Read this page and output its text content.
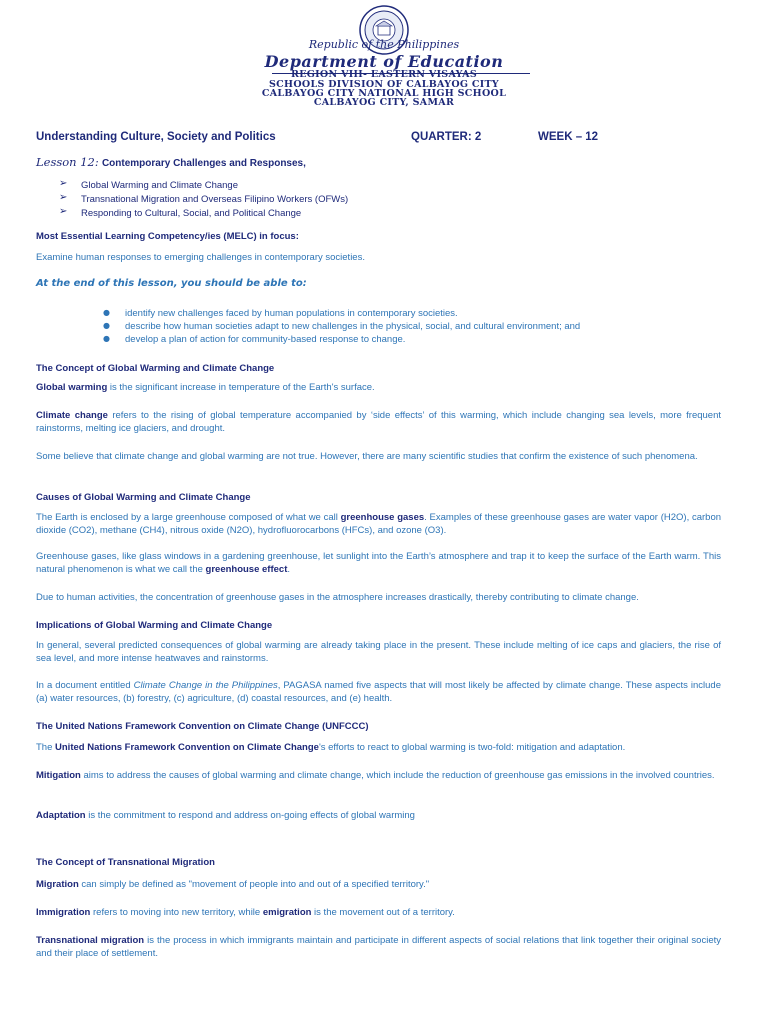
Republic of the Philippines
Department of Education
REGION VIII- EASTERN VISAYAS
SCHOOLS DIVISION OF CALBAYOG CITY
CALBAYOG CITY NATIONAL HIGH SCHOOL
CALBAYOG CITY, SAMAR
Understanding Culture, Society and Politics	QUARTER: 2	WEEK – 12
Lesson 12: Contemporary Challenges and Responses,
➢ Global Warming and Climate Change
➢ Transnational Migration and Overseas Filipino Workers (OFWs)
➢ Responding to Cultural, Social, and Political Change
Most Essential Learning Competency/ies (MELC) in focus:
Examine human responses to emerging challenges in contemporary societies.
At the end of this lesson, you should be able to:
● identify new challenges faced by human populations in contemporary societies.
● describe how human societies adapt to new challenges in the physical, social, and cultural environment; and
● develop a plan of action for community-based response to change.
The Concept of Global Warming and Climate Change
Global warming is the significant increase in temperature of the Earth's surface.
Climate change refers to the rising of global temperature accompanied by ‘side effects’ of this warming, which include changing sea levels, more frequent rainstorms, melting ice glaciers, and drought.
Some believe that climate change and global warming are not true. However, there are many scientific studies that confirm the existence of such phenomena.
Causes of Global Warming and Climate Change
The Earth is enclosed by a large greenhouse composed of what we call greenhouse gases. Examples of these greenhouse gases are water vapor (H2O), carbon dioxide (CO2), methane (CH4), nitrous oxide (N2O), hydrofluorocarbons (HFCs), and ozone (O3).
Greenhouse gases, like glass windows in a gardening greenhouse, let sunlight into the Earth’s atmosphere and trap it to keep the surface of the Earth warm. This natural phenomenon is what we call the greenhouse effect.
Due to human activities, the concentration of greenhouse gases in the atmosphere increases drastically, thereby contributing to climate change.
Implications of Global Warming and Climate Change
In general, several predicted consequences of global warming are already taking place in the present. These include melting of ice caps and glaciers, the rise of sea level, and more intense heatwaves and rainstorms.
In a document entitled Climate Change in the Philippines, PAGASA named five aspects that will most likely be affected by climate change. These aspects include (a) water resources, (b) forestry, (c) agriculture, (d) coastal resources, and (e) health.
The United Nations Framework Convention on Climate Change (UNFCCC)
The United Nations Framework Convention on Climate Change's efforts to react to global warming is two-fold: mitigation and adaptation.
Mitigation aims to address the causes of global warming and climate change, which include the reduction of greenhouse gas emissions in the involved countries.
Adaptation is the commitment to respond and address on-going effects of global warming
The Concept of Transnational Migration
Migration can simply be defined as "movement of people into and out of a specified territory."
Immigration refers to moving into new territory, while emigration is the movement out of a territory.
Transnational migration is the process in which immigrants maintain and participate in different aspects of social relations that link together their original society and their place of settlement.
